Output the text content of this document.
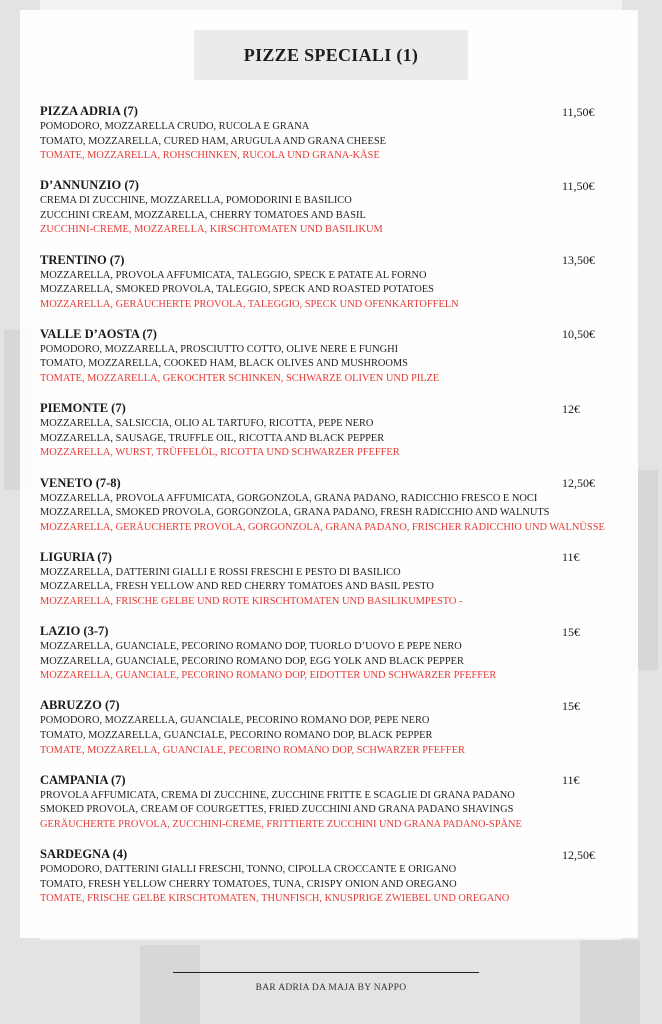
PIZZE SPECIALI (1)
PIZZA ADRIA (7)
POMODORO, MOZZARELLA CRUDO, RUCOLA E GRANA
TOMATO, MOZZARELLA, CURED HAM, ARUGULA AND GRANA CHEESE
TOMATE, MOZZARELLA, ROHSCHINKEN, RUCOLA UND GRANA-KÄSE
11,50€
D’ANNUNZIO (7)
CREMA DI ZUCCHINE, MOZZARELLA, POMODORINI E BASILICO
ZUCCHINI CREAM, MOZZARELLA, CHERRY TOMATOES AND BASIL
ZUCCHINI-CREME, MOZZARELLA, KIRSCHTOMATEN UND BASILIKUM
11,50€
TRENTINO (7)
MOZZARELLA, PROVOLA AFFUMICATA, TALEGGIO, SPECK E PATATE AL FORNO
MOZZARELLA, SMOKED PROVOLA, TALEGGIO, SPECK AND ROASTED POTATOES
MOZZARELLA, GERÄUCHERTE PROVOLA, TALEGGIO, SPECK UND OFENKARTOFFELN
13,50€
VALLE D’AOSTA (7)
POMODORO, MOZZARELLA, PROSCIUTTO COTTO, OLIVE NERE E FUNGHI
TOMATO, MOZZARELLA, COOKED HAM, BLACK OLIVES AND MUSHROOMS
TOMATE, MOZZARELLA, GEKOCHTER SCHINKEN, SCHWARZE OLIVEN UND PILZE
10,50€
PIEMONTE (7)
MOZZARELLA, SALSICCIA, OLIO AL TARTUFO, RICOTTA, PEPE NERO
MOZZARELLA, SAUSAGE, TRUFFLE OIL, RICOTTA AND BLACK PEPPER
MOZZARELLA, WURST, TRÜFFELÖL, RICOTTA UND SCHWARZER PFEFFER
12€
VENETO (7-8)
MOZZARELLA, PROVOLA AFFUMICATA, GORGONZOLA, GRANA PADANO, RADICCHIO FRESCO E NOCI
MOZZARELLA, SMOKED PROVOLA, GORGONZOLA, GRANA PADANO, FRESH RADICCHIO AND WALNUTS
MOZZARELLA, GERÄUCHERTE PROVOLA, GORGONZOLA, GRANA PADANO, FRISCHER RADICCHIO UND WALNÜSSE
12,50€
LIGURIA (7)
MOZZARELLA, DATTERINI GIALLI E ROSSI FRESCHI E PESTO DI BASILICO
MOZZARELLA, FRESH YELLOW AND RED CHERRY TOMATOES AND BASIL PESTO
MOZZARELLA, FRISCHE GELBE UND ROTE KIRSCHTOMATEN UND BASILIKUMPESTO -
11€
LAZIO (3-7)
MOZZARELLA, GUANCIALE, PECORINO ROMANO DOP, TUORLO D’UOVO E PEPE NERO
MOZZARELLA, GUANCIALE, PECORINO ROMANO DOP, EGG YOLK AND BLACK PEPPER
MOZZARELLA, GUANCIALE, PECORINO ROMANO DOP, EIDOTTER UND SCHWARZER PFEFFER
15€
ABRUZZO (7)
POMODORO, MOZZARELLA, GUANCIALE, PECORINO ROMANO DOP, PEPE NERO
TOMATO, MOZZARELLA, GUANCIALE, PECORINO ROMANO DOP, BLACK PEPPER
TOMATE, MOZZARELLA, GUANCIALE, PECORINO ROMANO DOP, SCHWARZER PFEFFER
15€
CAMPANIA (7)
PROVOLA AFFUMICATA, CREMA DI ZUCCHINE, ZUCCHINE FRITTE E SCAGLIE DI GRANA PADANO
SMOKED PROVOLA, CREAM OF COURGETTES, FRIED ZUCCHINI AND GRANA PADANO SHAVINGS
GERÄUCHERTE PROVOLA, ZUCCHINI-CREME, FRITTIERTE ZUCCHINI UND GRANA PADANO-SPÄNE
11€
SARDEGNA (4)
POMODORO, DATTERINI GIALLI FRESCHI, TONNO, CIPOLLA CROCCANTE E ORIGANO
TOMATO, FRESH YELLOW CHERRY TOMATOES, TUNA, CRISPY ONION AND OREGANO
TOMATE, FRISCHE GELBE KIRSCHTOMATEN, THUNFISCH, KNUSPRIGE ZWIEBEL UND OREGANO
12,50€
BAR ADRIA DA MAJA BY NAPPO
